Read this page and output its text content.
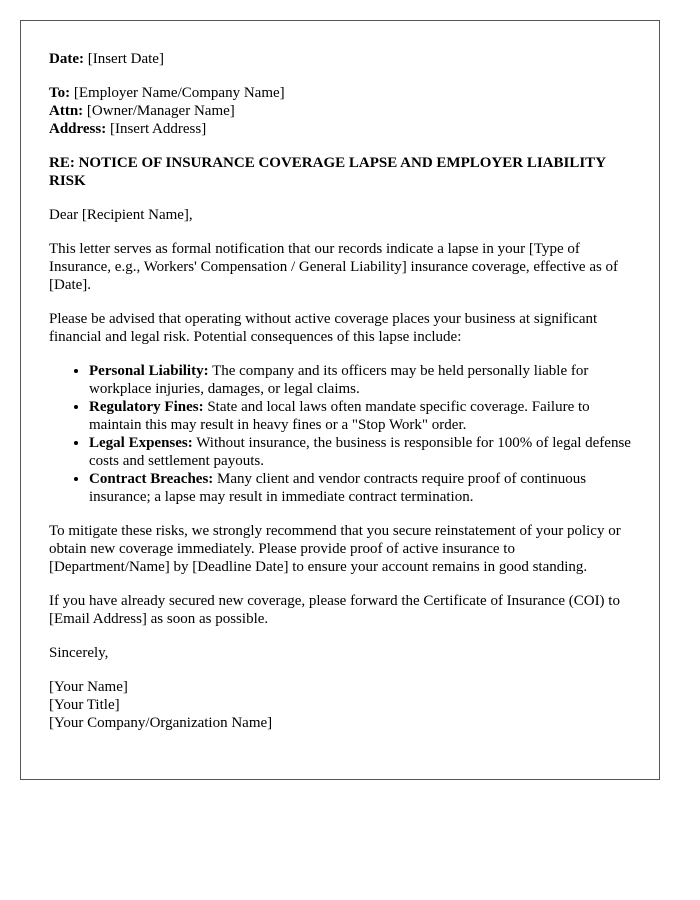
Date: [Insert Date]

To: [Employer Name/Company Name]
Attn: [Owner/Manager Name]
Address: [Insert Address]

RE: NOTICE OF INSURANCE COVERAGE LAPSE AND EMPLOYER LIABILITY RISK

Dear [Recipient Name],

This letter serves as formal notification that our records indicate a lapse in your [Type of Insurance, e.g., Workers' Compensation / General Liability] insurance coverage, effective as of [Date].

Please be advised that operating without active coverage places your business at significant financial and legal risk. Potential consequences of this lapse include:

• Personal Liability: The company and its officers may be held personally liable for workplace injuries, damages, or legal claims.
• Regulatory Fines: State and local laws often mandate specific coverage. Failure to maintain this may result in heavy fines or a "Stop Work" order.
• Legal Expenses: Without insurance, the business is responsible for 100% of legal defense costs and settlement payouts.
• Contract Breaches: Many client and vendor contracts require proof of continuous insurance; a lapse may result in immediate contract termination.

To mitigate these risks, we strongly recommend that you secure reinstatement of your policy or obtain new coverage immediately. Please provide proof of active insurance to [Department/Name] by [Deadline Date] to ensure your account remains in good standing.

If you have already secured new coverage, please forward the Certificate of Insurance (COI) to [Email Address] as soon as possible.

Sincerely,

[Your Name]
[Your Title]
[Your Company/Organization Name]
